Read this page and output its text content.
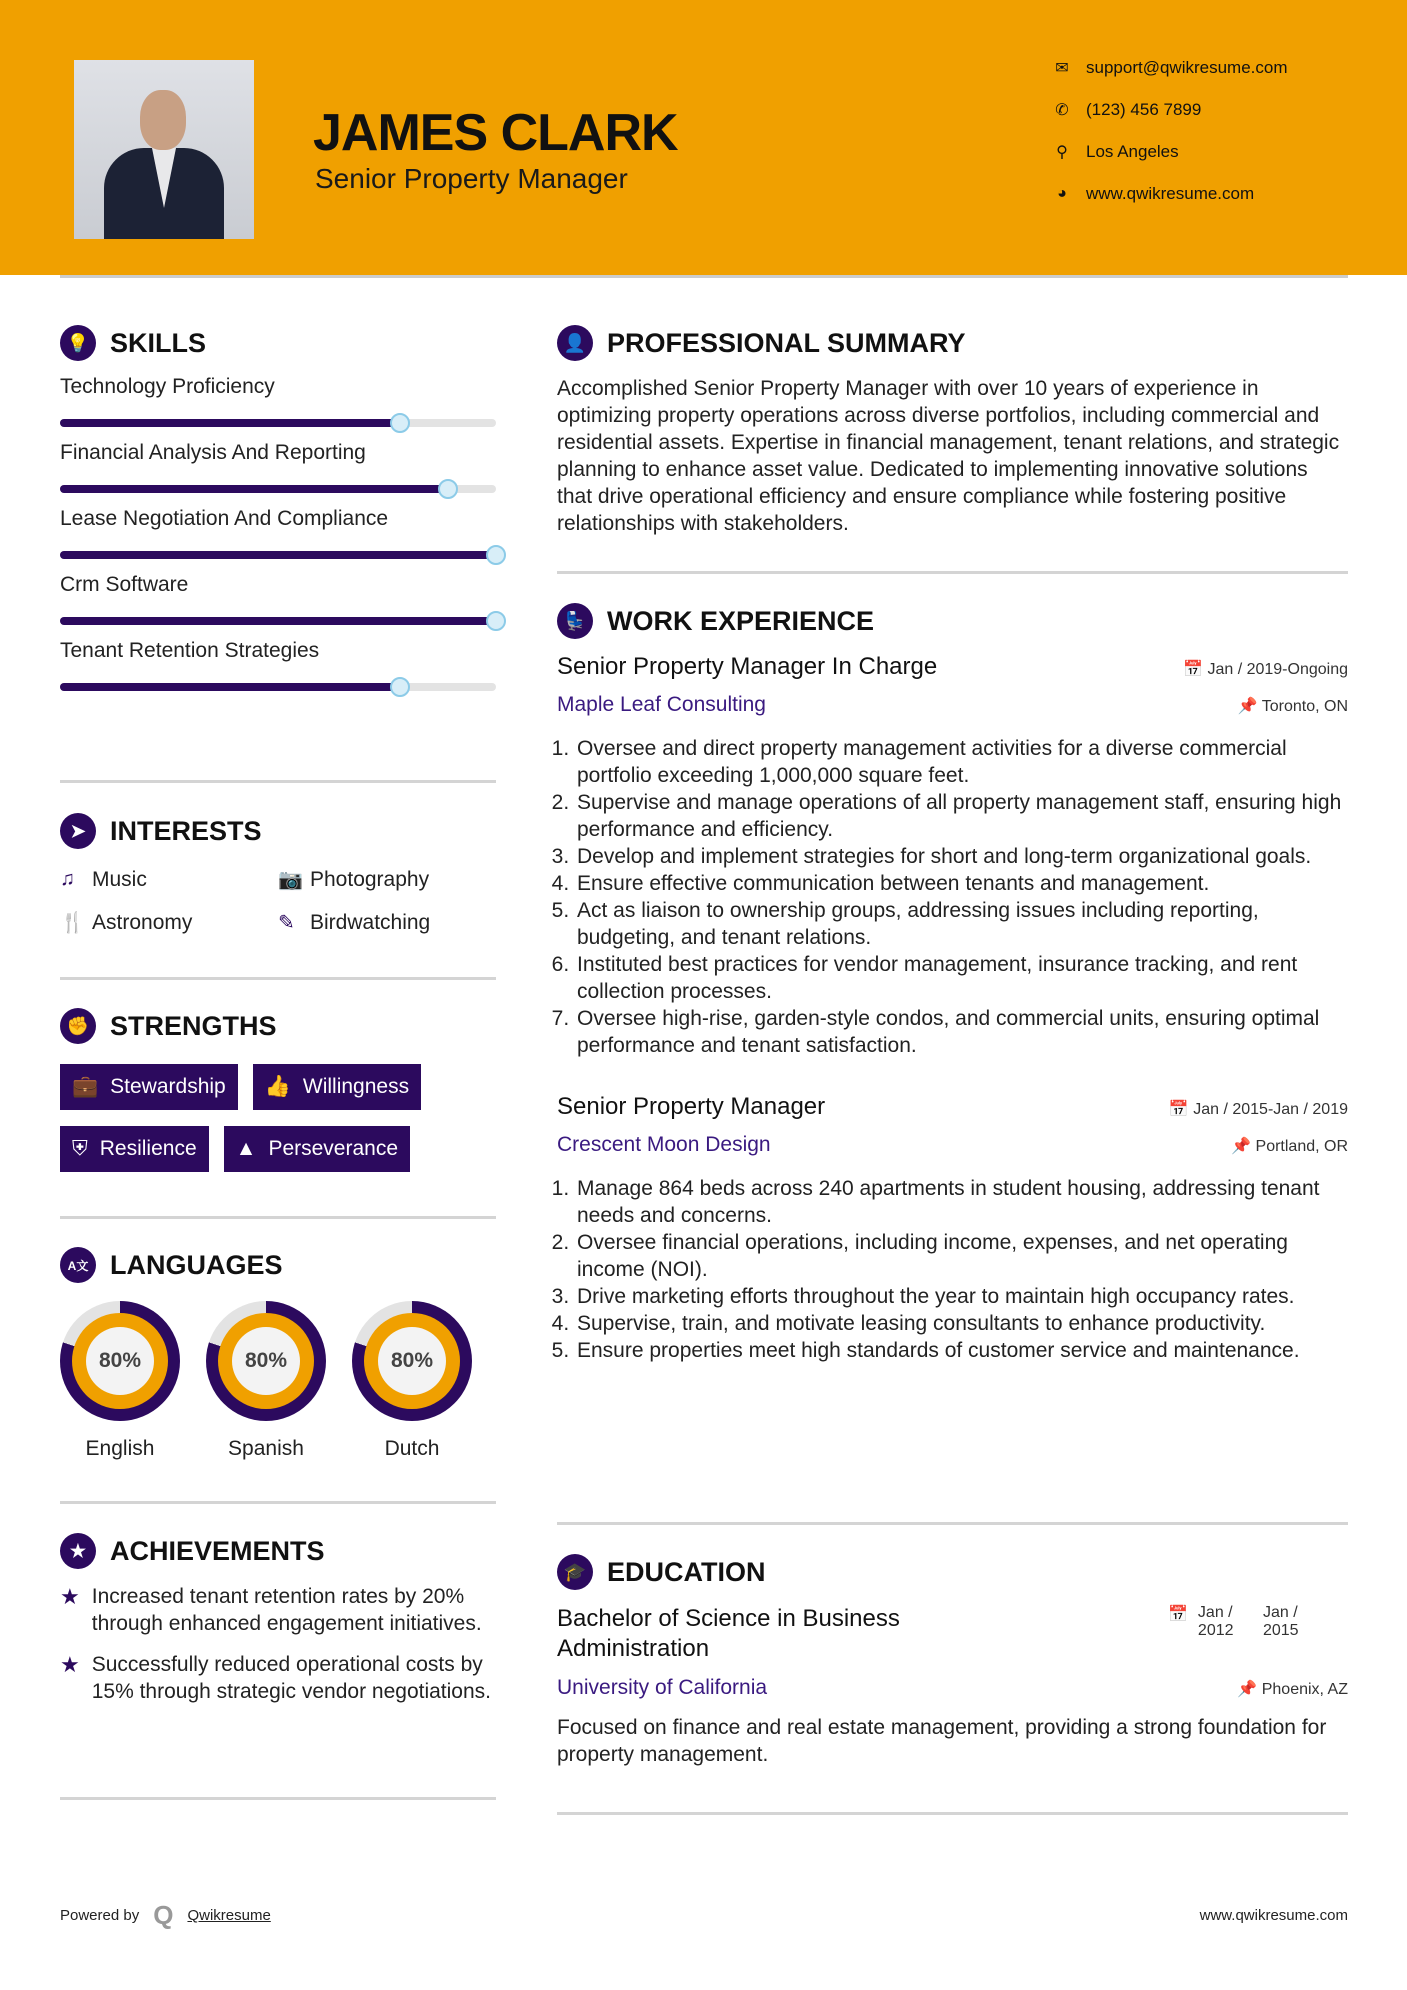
JAMES CLARK
Senior Property Manager
✉ support@qwikresume.com
✆ (123) 456 7899
⚲ Los Angeles
◕	www.qwikresume.com
💡 SKILLS
Technology Proficiency
Financial Analysis And Reporting
Lease Negotiation And Compliance
Crm Software
Tenant Retention Strategies
➤ INTERESTS
♫ Music	📷 Photography
🍴 Astronomy	✎ Birdwatching
✊ STRENGTHS
💼 Stewardship 👍 Willingness
⛨ Resilience ▲ Perseverance
A文 LANGUAGES
80%
English
80%
Spanish
80%
Dutch
★ ACHIEVEMENTS
★ Increased tenant retention rates by 20% through enhanced engagement initiatives.
★ Successfully reduced operational costs by 15% through strategic vendor negotiations.
👤 PROFESSIONAL SUMMARY
Accomplished Senior Property Manager with over 10 years of experience in optimizing property operations across diverse portfolios, including commercial and residential assets. Expertise in financial management, tenant relations, and strategic planning to enhance asset value. Dedicated to implementing innovative solutions that drive operational efficiency and ensure compliance while fostering positive relationships with stakeholders.
💺 WORK EXPERIENCE
Senior Property Manager In Charge	📅 Jan / 2019-Ongoing
Maple Leaf Consulting	📌 Toronto, ON
1. Oversee and direct property management activities for a diverse commercial portfolio exceeding 1,000,000 square feet.
2. Supervise and manage operations of all property management staff, ensuring high performance and efficiency.
3. Develop and implement strategies for short and long-term organizational goals.
4. Ensure effective communication between tenants and management.
5. Act as liaison to ownership groups, addressing issues including reporting, budgeting, and tenant relations.
6. Instituted best practices for vendor management, insurance tracking, and rent collection processes.
7. Oversee high-rise, garden-style condos, and commercial units, ensuring optimal performance and tenant satisfaction.
Senior Property Manager	📅 Jan / 2015-Jan / 2019
Crescent Moon Design	📌 Portland, OR
1. Manage 864 beds across 240 apartments in student housing, addressing tenant needs and concerns.
2. Oversee financial operations, including income, expenses, and net operating income (NOI).
3. Drive marketing efforts throughout the year to maintain high occupancy rates.
4. Supervise, train, and motivate leasing consultants to enhance productivity.
5. Ensure properties meet high standards of customer service and maintenance.
🎓 EDUCATION
Bachelor of Science in Business Administration
📅 Jan / 2012
Jan / 2015
University of California	📌 Phoenix, AZ
Focused on finance and real estate management, providing a strong foundation for property management.
Powered by Q Qwikresume	www.qwikresume.com
